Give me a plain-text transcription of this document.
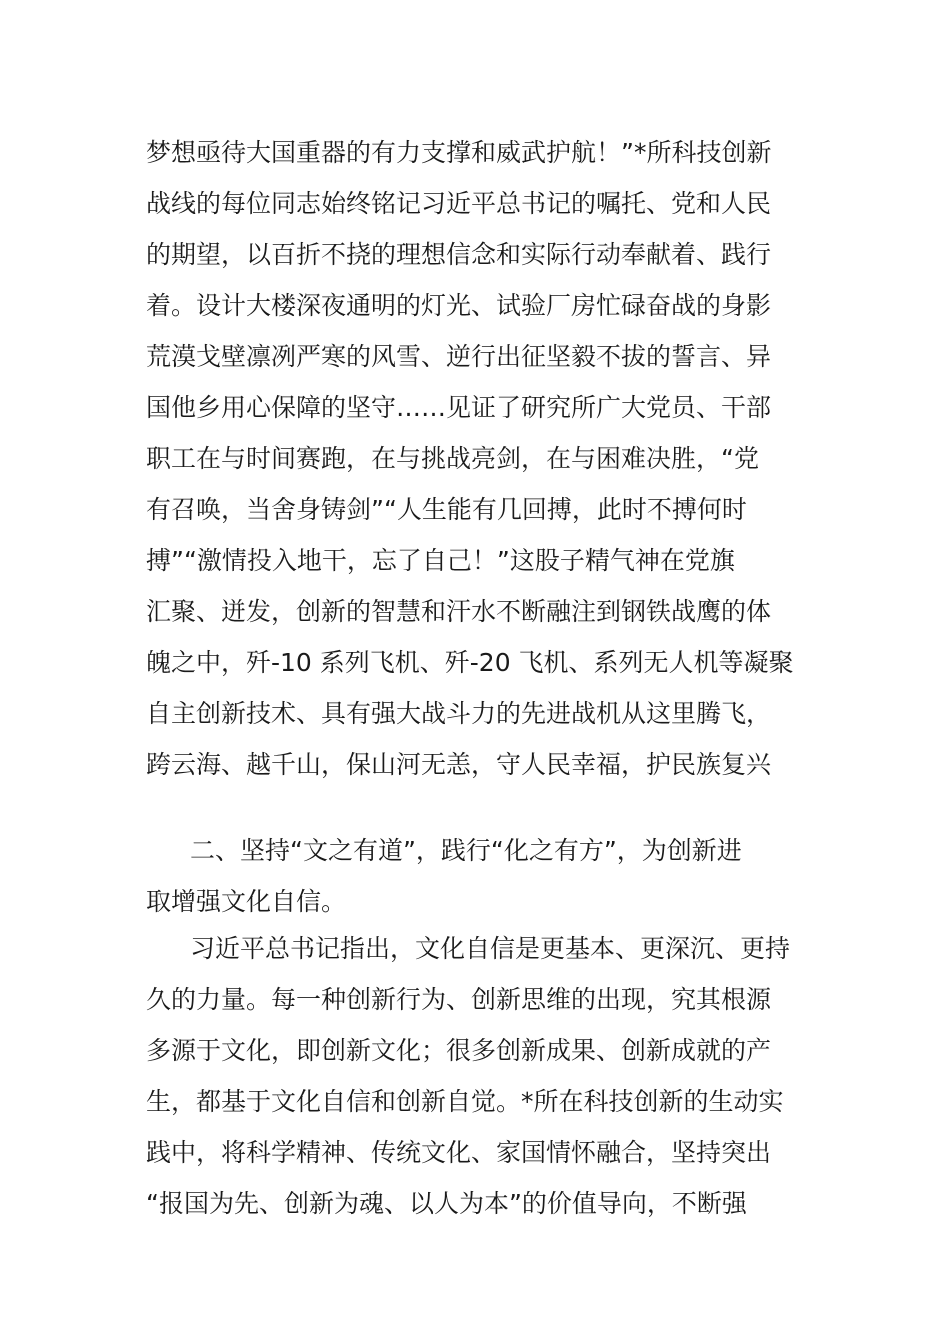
梦想亟待大国重器的有力支撑和威武护航！”*所科技创新
战线的每位同志始终铭记习近平总书记的嘱托、党和人民
的期望，以百折不挠的理想信念和实际行动奉献着、践行
着。设计大楼深夜通明的灯光、试验厂房忙碌奋战的身影
荒漠戈壁凛冽严寒的风雪、逆行出征坚毅不拔的誓言、异
国他乡用心保障的坚守……见证了研究所广大党员、干部
职工在与时间赛跑，在与挑战亮剑，在与困难决胜，“党
有召唤，当舍身铸剑”“人生能有几回搏，此时不搏何时
搏”“激情投入地干，忘了自己！”这股子精气神在党旗
汇聚、迸发，创新的智慧和汗水不断融注到钢铁战鹰的体
魄之中，歼-10 系列飞机、歼-20 飞机、系列无人机等凝聚
自主创新技术、具有强大战斗力的先进战机从这里腾飞，
跨云海、越千山，保山河无恙，守人民幸福，护民族复兴
二、坚持“文之有道”，践行“化之有方”，为创新进
取增强文化自信。
习近平总书记指出，文化自信是更基本、更深沉、更持
久的力量。每一种创新行为、创新思维的出现，究其根源
多源于文化，即创新文化；很多创新成果、创新成就的产
生，都基于文化自信和创新自觉。*所在科技创新的生动实
践中，将科学精神、传统文化、家国情怀融合，坚持突出
“报国为先、创新为魂、以人为本”的价值导向，不断强
